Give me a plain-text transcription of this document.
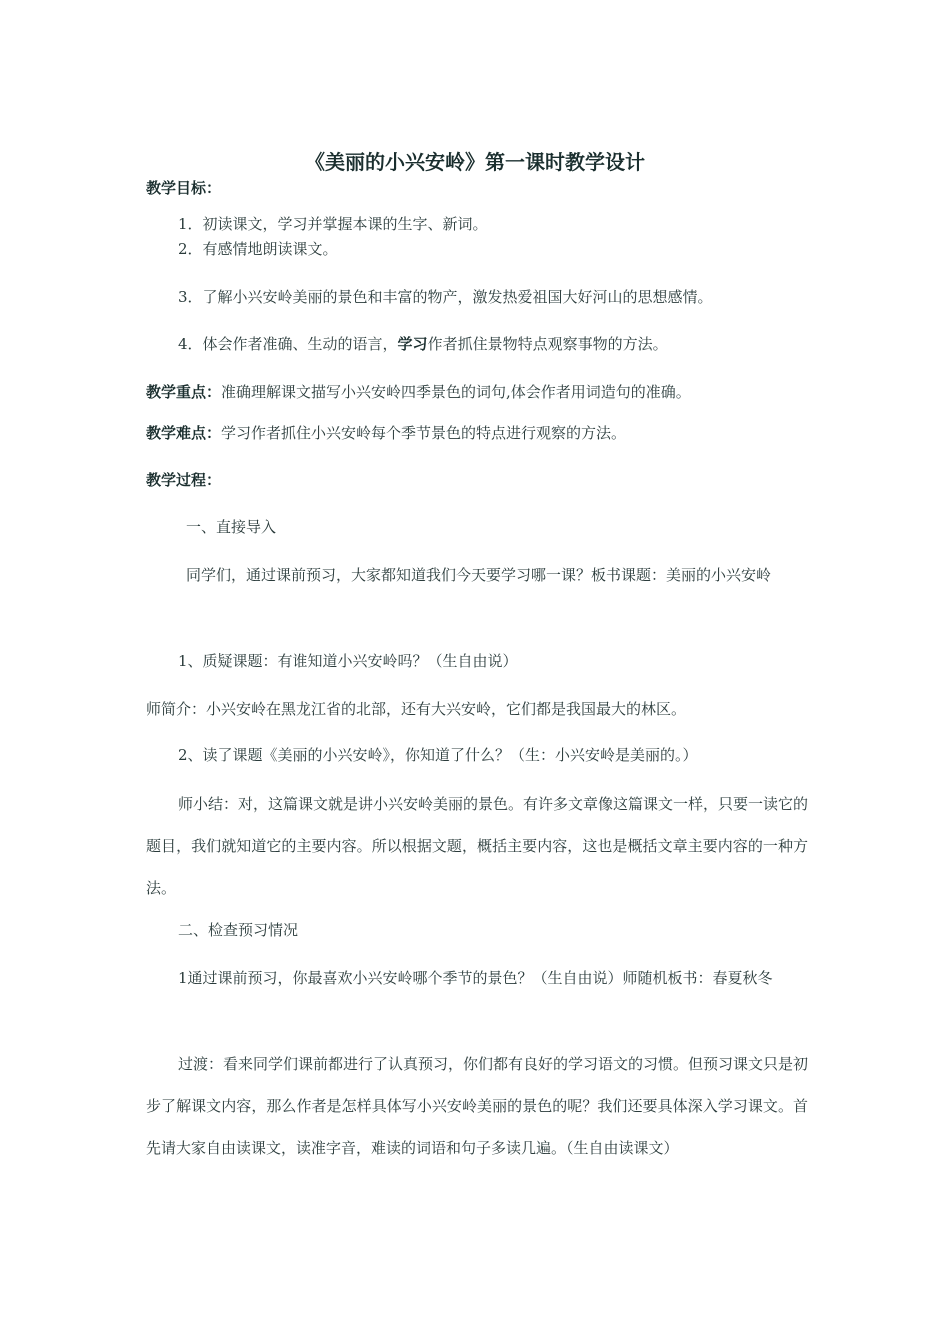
《美丽的小兴安岭》第一课时教学设计
教学目标：
1．初读课文，学习并掌握本课的生字、新词。
2．有感情地朗读课文。
3．了解小兴安岭美丽的景色和丰富的物产，激发热爱祖国大好河山的思想感情。
4．体会作者准确、生动的语言，学习作者抓住景物特点观察事物的方法。
教学重点：准确理解课文描写小兴安岭四季景色的词句,体会作者用词造句的准确。
教学难点：学习作者抓住小兴安岭每个季节景色的特点进行观察的方法。
教学过程：
一、直接导入
同学们，通过课前预习，大家都知道我们今天要学习哪一课？板书课题：美丽的小兴安岭
1、质疑课题：有谁知道小兴安岭吗？（生自由说）
师简介：小兴安岭在黑龙江省的北部，还有大兴安岭，它们都是我国最大的林区。
2、读了课题《美丽的小兴安岭》，你知道了什么？（生：小兴安岭是美丽的。）
师小结：对，这篇课文就是讲小兴安岭美丽的景色。有许多文章像这篇课文一样，只要一读它的题目，我们就知道它的主要内容。所以根据文题，概括主要内容，这也是概括文章主要内容的一种方法。
二、检查预习情况
1通过课前预习，你最喜欢小兴安岭哪个季节的景色？（生自由说）师随机板书：春夏秋冬
过渡：看来同学们课前都进行了认真预习，你们都有良好的学习语文的习惯。但预习课文只是初步了解课文内容，那么作者是怎样具体写小兴安岭美丽的景色的呢？我们还要具体深入学习课文。首先请大家自由读课文，读准字音，难读的词语和句子多读几遍。（生自由读课文）
